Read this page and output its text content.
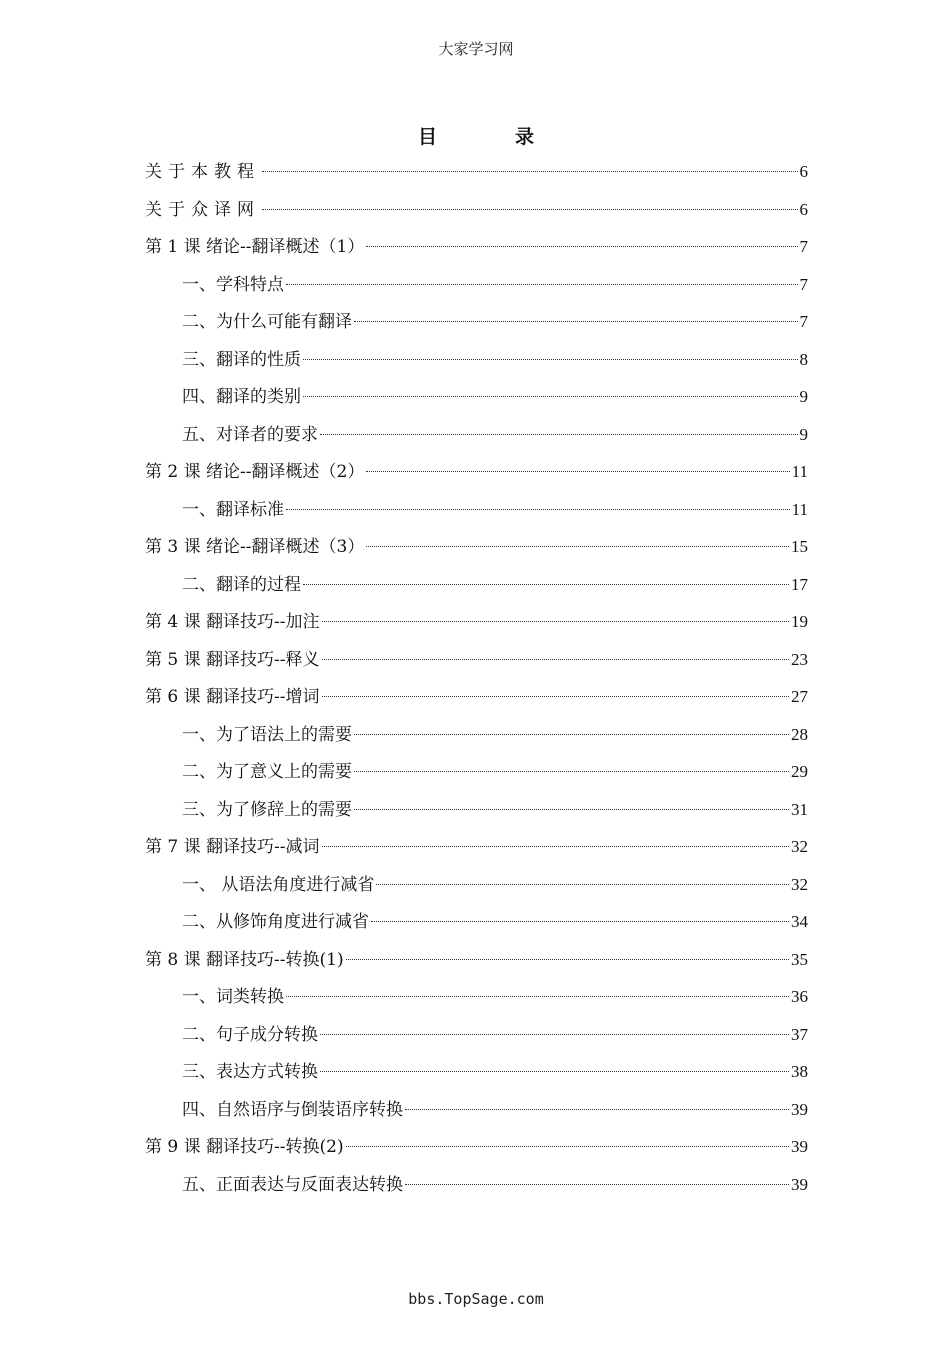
大家学习网
目	录
关于本教程	6
关于众译网	6
第 1 课 绪论--翻译概述（1）	7
一、学科特点	7
二、为什么可能有翻译	7
三、翻译的性质	8
四、翻译的类别	9
五、对译者的要求	9
第 2 课 绪论--翻译概述（2）	11
一、翻译标准	11
第 3 课 绪论--翻译概述（3）	15
二、翻译的过程	17
第 4 课 翻译技巧--加注	19
第 5 课 翻译技巧--释义	23
第 6 课 翻译技巧--增词	27
一、为了语法上的需要	28
二、为了意义上的需要	29
三、为了修辞上的需要	31
第 7 课 翻译技巧--减词	32
一、 从语法角度进行减省	32
二、从修饰角度进行减省	34
第 8 课 翻译技巧--转换(1)	35
一、词类转换	36
二、句子成分转换	37
三、表达方式转换	38
四、自然语序与倒装语序转换	39
第 9 课 翻译技巧--转换(2)	39
五、正面表达与反面表达转换	39
bbs.TopSage.com
